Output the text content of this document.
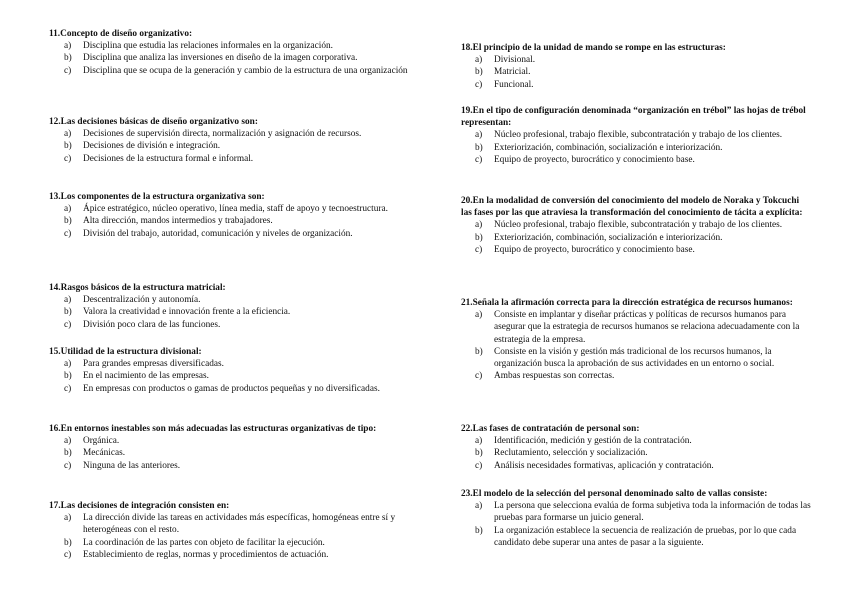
11.Concepto de diseño organizativo:

a) Disciplina que estudia las relaciones informales en la organización.
b) Disciplina que analiza las inversiones en diseño de la imagen corporativa.
c) Disciplina que se ocupa de la generación y cambio de la estructura de una organización

12.Las decisiones básicas de diseño organizativo son:

a) Decisiones de supervisión directa, normalización y asignación de recursos.
b) Decisiones de división e integración.
c) Decisiones de la estructura formal e informal.

13.Los componentes de la estructura organizativa son:

a) Ápice estratégico, núcleo operativo, línea media, staff de apoyo y tecnoestructura.
b) Alta dirección, mandos intermedios y trabajadores.
c) División del trabajo, autoridad, comunicación y niveles de organización.

14.Rasgos básicos de la estructura matricial:

a) Descentralización y autonomía.
b) Valora la creatividad e innovación frente a la eficiencia.
c) División poco clara de las funciones.

15.Utilidad de la estructura divisional:

a) Para grandes empresas diversificadas.
b) En el nacimiento de las empresas.
c) En empresas con productos o gamas de productos pequeñas y no diversificadas.

16.En entornos inestables son más adecuadas las estructuras organizativas de tipo:

a) Orgánica.
b) Mecánicas.
c) Ninguna de las anteriores.

17.Las decisiones de integración consisten en:

a) La dirección divide las tareas en actividades más específicas, homogéneas entre sí y heterogéneas con el resto.
b) La coordinación de las partes con objeto de facilitar la ejecución.
c) Establecimiento de reglas, normas y procedimientos de actuación.

18.El principio de la unidad de mando se rompe en las estructuras:

a) Divisional.
b) Matricial.
c) Funcional.

19.En el tipo de configuración denominada “organización en trébol” las hojas de trébol representan:

a) Núcleo profesional, trabajo flexible, subcontratación y trabajo de los clientes.
b) Exteriorización, combinación, socialización e interiorización.
c) Equipo de proyecto, burocrático y conocimiento base.

20.En la modalidad de conversión del conocimiento del modelo de Noraka y Tokcuchi las fases por las que atraviesa la transformación del conocimiento de tácita a explícita:

a) Núcleo profesional, trabajo flexible, subcontratación y trabajo de los clientes.
b) Exteriorización, combinación, socialización e interiorización.
c) Equipo de proyecto, burocrático y conocimiento base.

21.Señala la afirmación correcta para la dirección estratégica de recursos humanos:

a) Consiste en implantar y diseñar prácticas y políticas de recursos humanos para asegurar que la estrategia de recursos humanos se relaciona adecuadamente con la estrategia de la empresa.
b) Consiste en la visión y gestión más tradicional de los recursos humanos, la organización busca la aprobación de sus actividades en un entorno o social.
c) Ambas respuestas son correctas.

22.Las fases de contratación de personal son:

a) Identificación, medición y gestión de la contratación.
b) Reclutamiento, selección y socialización.
c) Análisis necesidades formativas, aplicación y contratación.

23.El modelo de la selección del personal denominado salto de vallas consiste:

a) La persona que selecciona evalúa de forma subjetiva toda la información de todas las pruebas para formarse un juicio general.
b) La organización establece la secuencia de realización de pruebas, por lo que cada candidato debe superar una antes de pasar a la siguiente.
